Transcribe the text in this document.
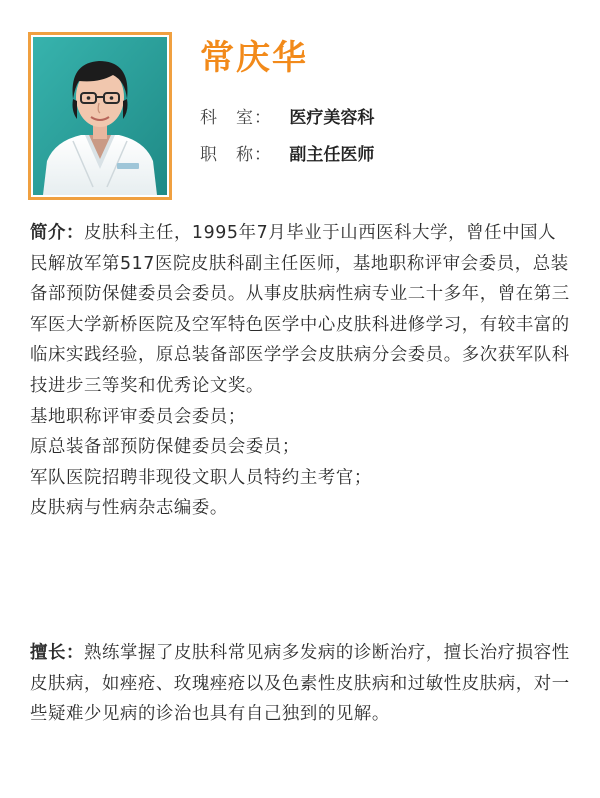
常庆华
科　室： 医疗美容科
职　称： 副主任医师

简介：皮肤科主任，1995年7月毕业于山西医科大学，曾任中国人民解放军第517医院皮肤科副主任医师，基地职称评审会委员，总装备部预防保健委员会委员。从事皮肤病性病专业二十多年，曾在第三军医大学新桥医院及空军特色医学中心皮肤科进修学习，有较丰富的临床实践经验，原总装备部医学学会皮肤病分会委员。多次获军队科技进步三等奖和优秀论文奖。

基地职称评审委员会委员；

原总装备部预防保健委员会委员；

军队医院招聘非现役文职人员特约主考官；

皮肤病与性病杂志编委。

擅长：熟练掌握了皮肤科常见病多发病的诊断治疗，擅长治疗损容性皮肤病，如痤疮、玫瑰痤疮以及色素性皮肤病和过敏性皮肤病，对一些疑难少见病的诊治也具有自己独到的见解。
